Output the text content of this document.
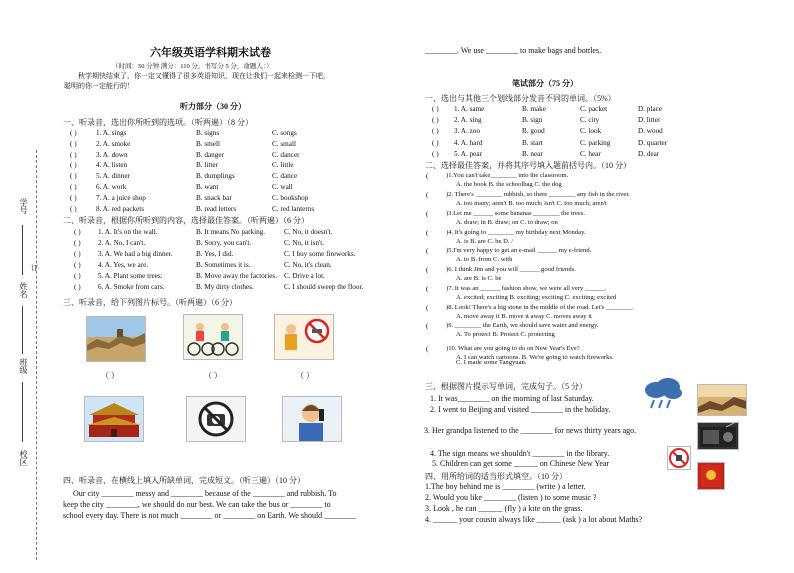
学号
姓名
班级
校区
订
六年级英语学科期末试卷
（时间：50 分钟 满分：110 分，书写分 5 分，命题人：）
秋学期快结束了，你一定又懂得了很多英语知识，现在让我们一起来检测一下吧，
聪明的你一定能行的！
听力部分（30 分）
一、听录音，选出你所听到的选项。（听两遍）（8 分）
( )	1. A. sings	B. signs	C. songs
( )	2. A. smoke	B. smell	C. small
( )	3. A. down	B. danger	C. dancer
( )	4. A. listen	B. litter	C. little
( )	5. A. dinner	B. dumplings	C. dance
( )	6. A. work	B. want	C. wall
( )	7. A. a juice shop	B. snack bar	C. bookshop
( )	8. A. red packets	B. read letters	C. red lanterns
二、听录音，根据你所听到的内容，选择最佳答案。（听两遍）（6 分）
( ) 1. A. It's on the wall.	B. It means No parking.	C. No, it doesn't.
( ) 2. A. No, I can't.	B. Sorry, you can't.	C. No, it isn't.
( ) 3. A. We had a big dinner.	B. Yes, I did.	C. I buy some fireworks.
( ) 4. A. Yes, we are.	B. Sometimes it is.	C. No, it's clean.
( ) 5. A. Plant some trees.	B. Move away the factories. C. Drive a lot.
( ) 6. A. Smoke from cars.	B. My dirty clothes.	C. I should sweep the floor.
三、听录音，给下列图片标号。（听两遍）（6 分）
（ ）	（ ）	（ ）
四、听录音，在横线上填入所缺单词，完成短文。（听三遍）（10 分）
Our city ________ messy and ________ because of the ________ and rubbish. To
keep the city ________, we should do our best. We can take the bus or ________ to
school every day. There is not much ________ or ________ on Earth. We should ________
________. We use ________ to make bags and bottles.
笔试部分（75 分）
一、选出与其他三个划线部分发音不同的单词。（5%）
( ) 1. A. same	B. make	C. packet	D. place
( ) 2. A. sing	B. sign	C. city	D. litter
( ) 3. A. zoo	B. good	C. look	D. wood
( ) 4. A. hard	B. start	C. parking	D. quarter
( ) 5. A. pear	B. near	C. hear	D. dear
二、选择最佳答案，并将其序号填入题前括号内。（10 分）
(	)1.You can't take________ into the classroom.
A. the book B. the schoolbag C. the dog
(	)2. There's ________ rubbish, so there ________ any fish in the river.
A. too many; aren't B. too much; isn't C. too much; aren't
(	)3.Let me ______ some bananas ________ the trees.
A. draw; in B. draw; on C. to draw; on
(	)4. It's going to ________ my birthday next Monday.
A. is B. are C. be D. /
(	)5.I'm very happy to get an e-mail ______ my e-friend.
A. to B. from C. with
(	)6. I think Jim and you will ______ good friends.
A. are B. is C. be
(	)7. It was an ______ fashion show, we were all very ______.
A. excited; exciting B. exciting; exciting C. exciting; excited
(	)8. Look! There's a big stone in the middle of the road. Let's ________.
A. move away it B. move it away C. moves away it
(	)9. ________ the Earth, we should save water and energy.
A. To protect B. Protect C. protecting
(	)10. What are you going to do on New Year's Eve?
A. I can watch cartoons. B. We're going to watch fireworks.
C. I made some Tangyuan.
三、根据图片提示写单词，完成句子。（5 分）
1. It was________ on the morning of last Saturday.
2. I went to Beijing and visited ________ in the holiday.
3. Her grandpa listened to the ________ for news thirty years ago.
4. The sign means we shouldn't ________ in the library.
5. Children can get some ______ on Chinese New Year
四、用所给词的适当形式填空。（10 分）
1.The boy behind me is ________ (write ) a letter.
2. Would you like ________ (listen ) to some music ?
3. Look , he can ______ (fly ) a kite on the grass.
4. ______ your cousin always like ______ (ask ) a lot about Maths?
